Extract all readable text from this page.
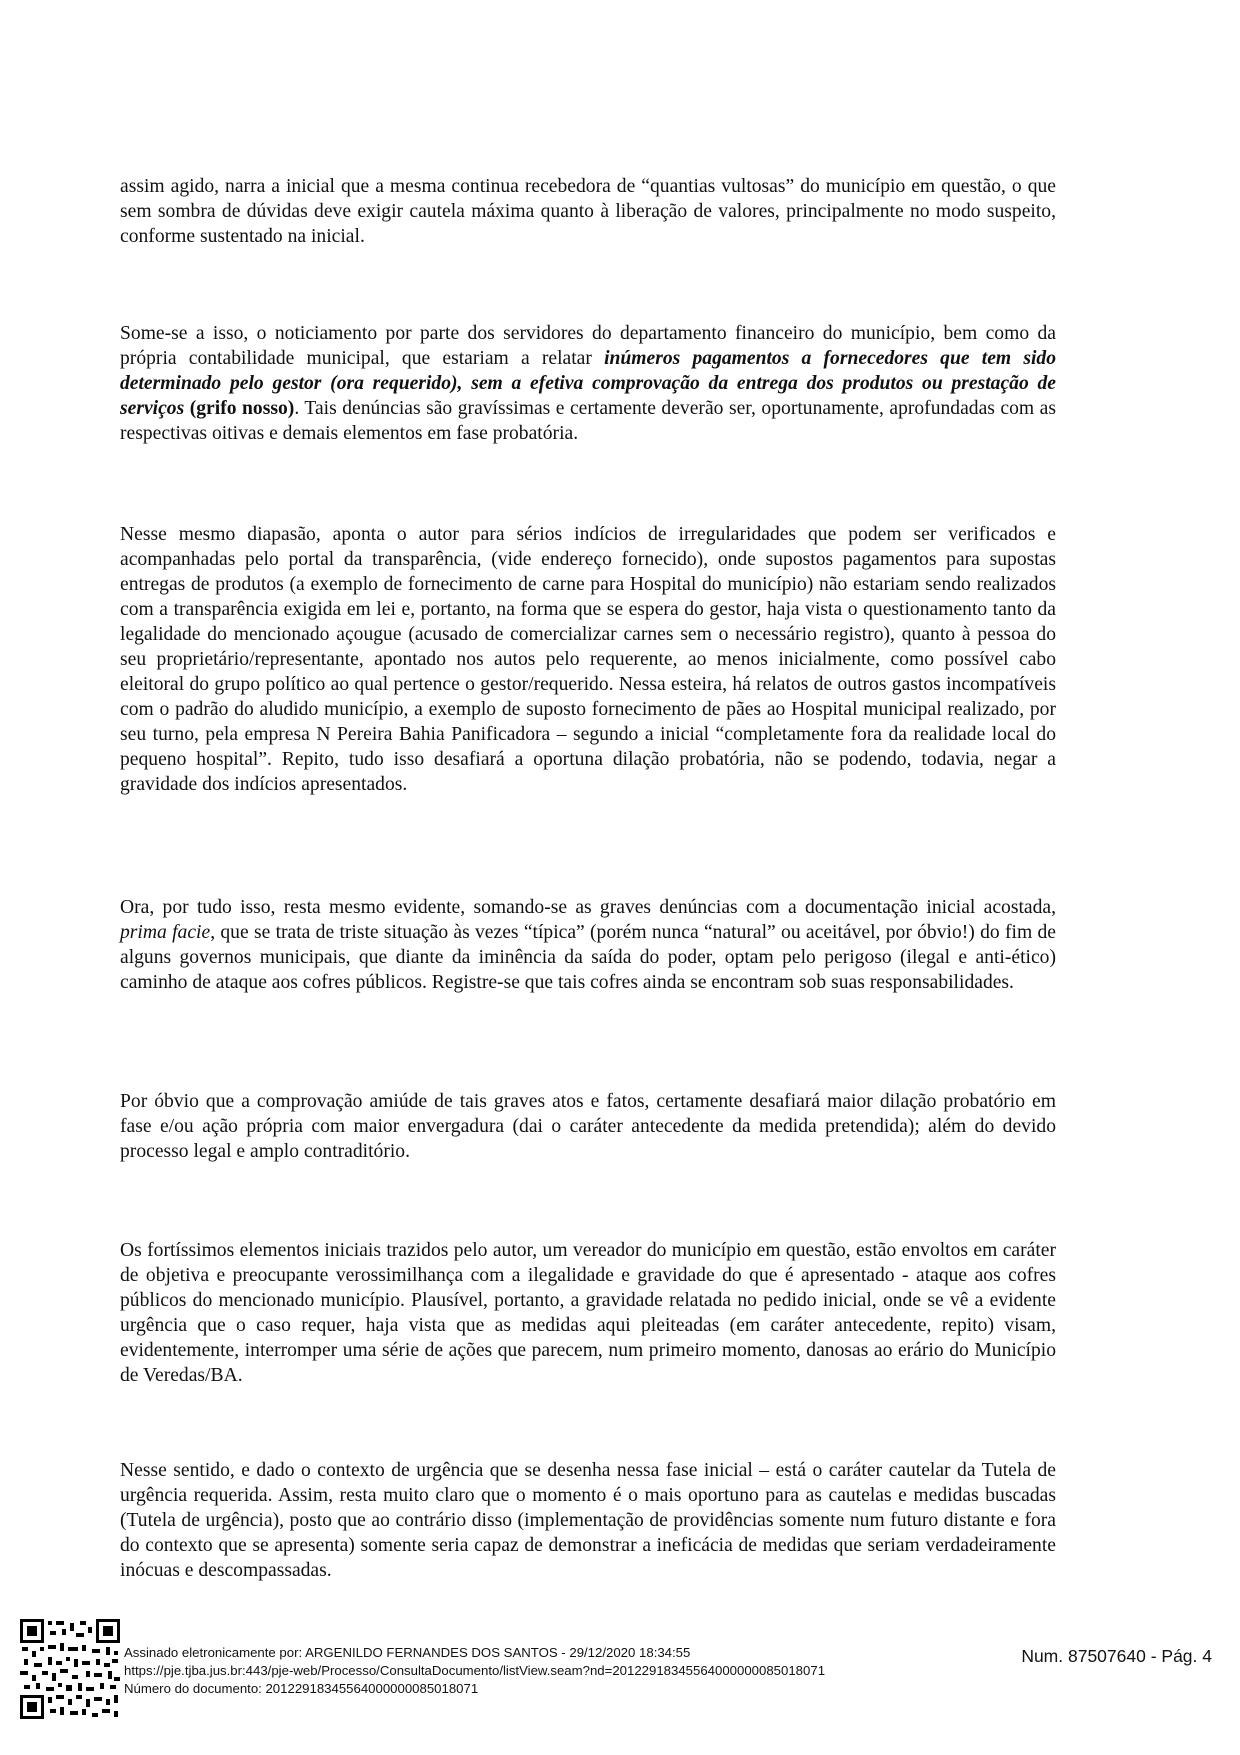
assim agido, narra a inicial que a mesma continua recebedora de “quantias vultosas” do município em questão, o que sem sombra de dúvidas deve exigir cautela máxima quanto à liberação de valores, principalmente no modo suspeito, conforme sustentado na inicial.

Some-se a isso, o noticiamento por parte dos servidores do departamento financeiro do município, bem como da própria contabilidade municipal, que estariam a relatar inúmeros pagamentos a fornecedores que tem sido determinado pelo gestor (ora requerido), sem a efetiva comprovação da entrega dos produtos ou prestação de serviços (grifo nosso). Tais denúncias são gravíssimas e certamente deverão ser, oportunamente, aprofundadas com as respectivas oitivas e demais elementos em fase probatória.

Nesse mesmo diapasão, aponta o autor para sérios indícios de irregularidades que podem ser verificados e acompanhadas pelo portal da transparência, (vide endereço fornecido), onde supostos pagamentos para supostas entregas de produtos (a exemplo de fornecimento de carne para Hospital do município) não estariam sendo realizados com a transparência exigida em lei e, portanto, na forma que se espera do gestor, haja vista o questionamento tanto da legalidade do mencionado açougue (acusado de comercializar carnes sem o necessário registro), quanto à pessoa do seu proprietário/representante, apontado nos autos pelo requerente, ao menos inicialmente, como possível cabo eleitoral do grupo político ao qual pertence o gestor/requerido. Nessa esteira, há relatos de outros gastos incompatíveis com o padrão do aludido município, a exemplo de suposto fornecimento de pães ao Hospital municipal realizado, por seu turno, pela empresa N Pereira Bahia Panificadora – segundo a inicial “completamente fora da realidade local do pequeno hospital”. Repito, tudo isso desafiará a oportuna dilação probatória, não se podendo, todavia, negar a gravidade dos indícios apresentados.

Ora, por tudo isso, resta mesmo evidente, somando-se as graves denúncias com a documentação inicial acostada, prima facie, que se trata de triste situação às vezes “típica” (porém nunca “natural” ou aceitável, por óbvio!) do fim de alguns governos municipais, que diante da iminência da saída do poder, optam pelo perigoso (ilegal e anti-ético) caminho de ataque aos cofres públicos. Registre-se que tais cofres ainda se encontram sob suas responsabilidades.

Por óbvio que a comprovação amiúde de tais graves atos e fatos, certamente desafiará maior dilação probatório em fase e/ou ação própria com maior envergadura (dai o caráter antecedente da medida pretendida); além do devido processo legal e amplo contraditório.

Os fortíssimos elementos iniciais trazidos pelo autor, um vereador do município em questão, estão envoltos em caráter de objetiva e preocupante verossimilhança com a ilegalidade e gravidade do que é apresentado - ataque aos cofres públicos do mencionado município. Plausível, portanto, a gravidade relatada no pedido inicial, onde se vê a evidente urgência que o caso requer, haja vista que as medidas aqui pleiteadas (em caráter antecedente, repito) visam, evidentemente, interromper uma série de ações que parecem, num primeiro momento, danosas ao erário do Município de Veredas/BA.

Nesse sentido, e dado o contexto de urgência que se desenha nessa fase inicial – está o caráter cautelar da Tutela de urgência requerida. Assim, resta muito claro que o momento é o mais oportuno para as cautelas e medidas buscadas (Tutela de urgência), posto que ao contrário disso (implementação de providências somente num futuro distante e fora do contexto que se apresenta) somente seria capaz de demonstrar a ineficácia de medidas que seriam verdadeiramente inócuas e descompassadas.

Assinado eletronicamente por: ARGENILDO FERNANDES DOS SANTOS - 29/12/2020 18:34:55
https://pje.tjba.jus.br:443/pje-web/Processo/ConsultaDocumento/listView.seam?nd=20122918345564000000085018071
Número do documento: 20122918345564000000085018071
Num. 87507640 - Pág. 4
